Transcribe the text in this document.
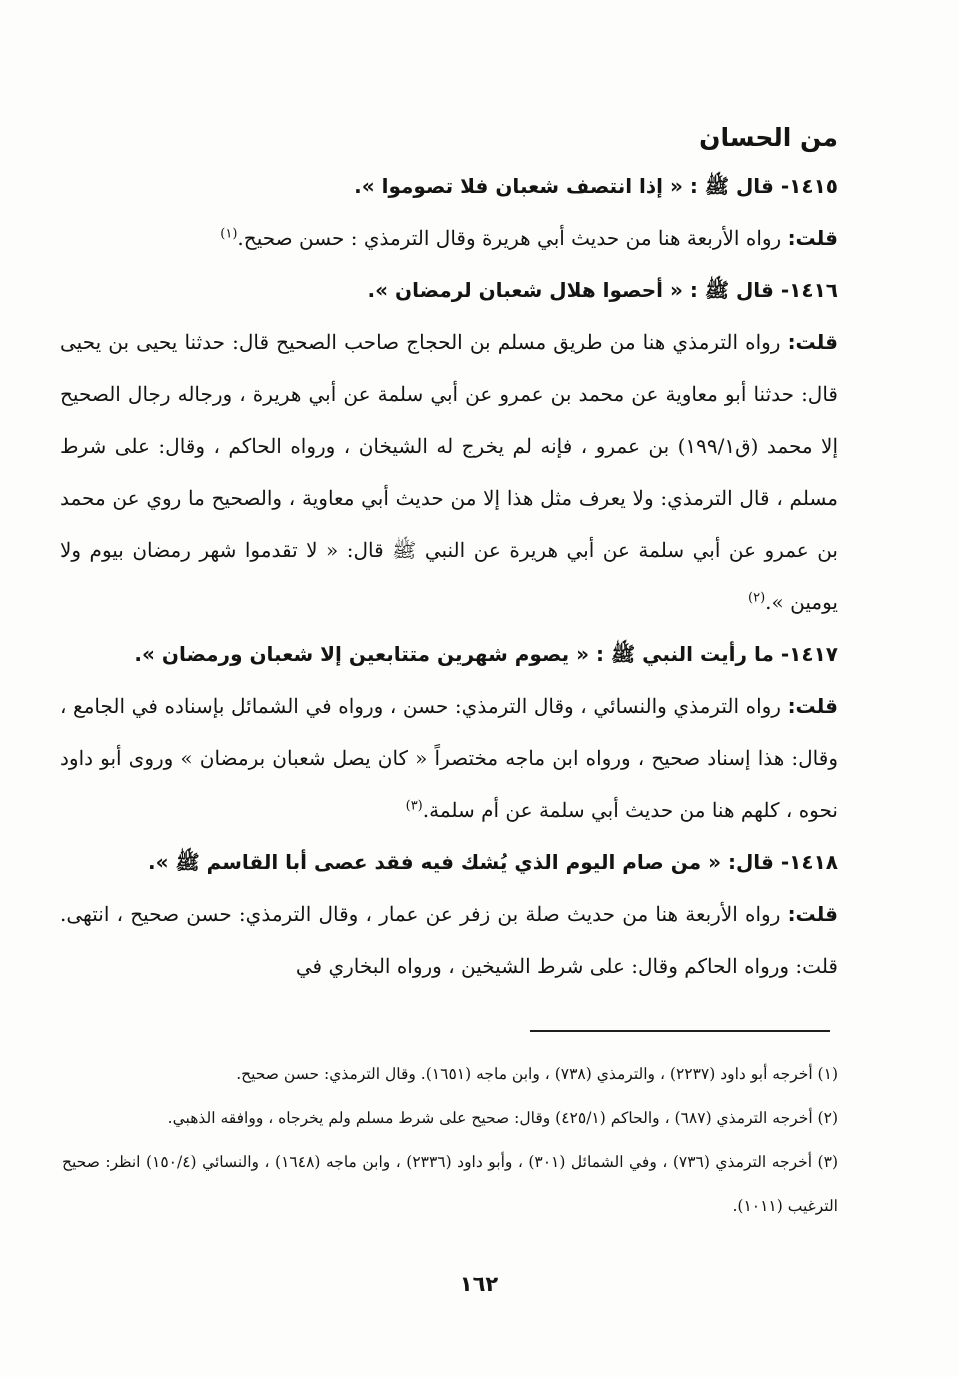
من الحسان

١٤١٥- قال ﷺ : « إذا انتصف شعبان فلا تصوموا ».

قلت: رواه الأربعة هنا من حديث أبي هريرة وقال الترمذي : حسن صحيح.$^{(١)}$

١٤١٦- قال ﷺ : « أحصوا هلال شعبان لرمضان ».

قلت: رواه الترمذي هنا من طريق مسلم بن الحجاج صاحب الصحيح قال: حدثنا يحيى بن يحيى قال: حدثنا أبو معاوية عن محمد بن عمرو عن أبي سلمة عن أبي هريرة ، ورجاله رجال الصحيح إلا محمد (ق١٩٩/١) بن عمرو ، فإنه لم يخرج له الشيخان ، ورواه الحاكم ، وقال: على شرط مسلم ، قال الترمذي: ولا يعرف مثل هذا إلا من حديث أبي معاوية ، والصحيح ما روي عن محمد بن عمرو عن أبي سلمة عن أبي هريرة عن النبي ﷺ قال: « لا تقدموا شهر رمضان بيوم ولا يومين ».$^{(٢)}$

١٤١٧- ما رأيت النبي ﷺ : « يصوم شهرين متتابعين إلا شعبان ورمضان ».

قلت: رواه الترمذي والنسائي ، وقال الترمذي: حسن ، ورواه في الشمائل بإسناده في الجامع ، وقال: هذا إسناد صحيح ، ورواه ابن ماجه مختصراً « كان يصل شعبان برمضان » وروى أبو داود نحوه ، كلهم هنا من حديث أبي سلمة عن أم سلمة.$^{(٣)}$

١٤١٨- قال: « من صام اليوم الذي يُشك فيه فقد عصى أبا القاسم ﷺ ».

قلت: رواه الأربعة هنا من حديث صلة بن زفر عن عمار ، وقال الترمذي: حسن صحيح ، انتهى. قلت: ورواه الحاكم وقال: على شرط الشيخين ، ورواه البخاري في

(١) أخرجه أبو داود (٢٢٣٧) ، والترمذي (٧٣٨) ، وابن ماجه (١٦٥١). وقال الترمذي: حسن صحيح.

(٢) أخرجه الترمذي (٦٨٧) ، والحاكم (٤٢٥/١) وقال: صحيح على شرط مسلم ولم يخرجاه ، ووافقه الذهبي.

(٣) أخرجه الترمذي (٧٣٦) ، وفي الشمائل (٣٠١) ، وأبو داود (٢٣٣٦) ، وابن ماجه (١٦٤٨) ، والنسائي (١٥٠/٤) انظر: صحيح الترغيب (١٠١١).

١٦٢
